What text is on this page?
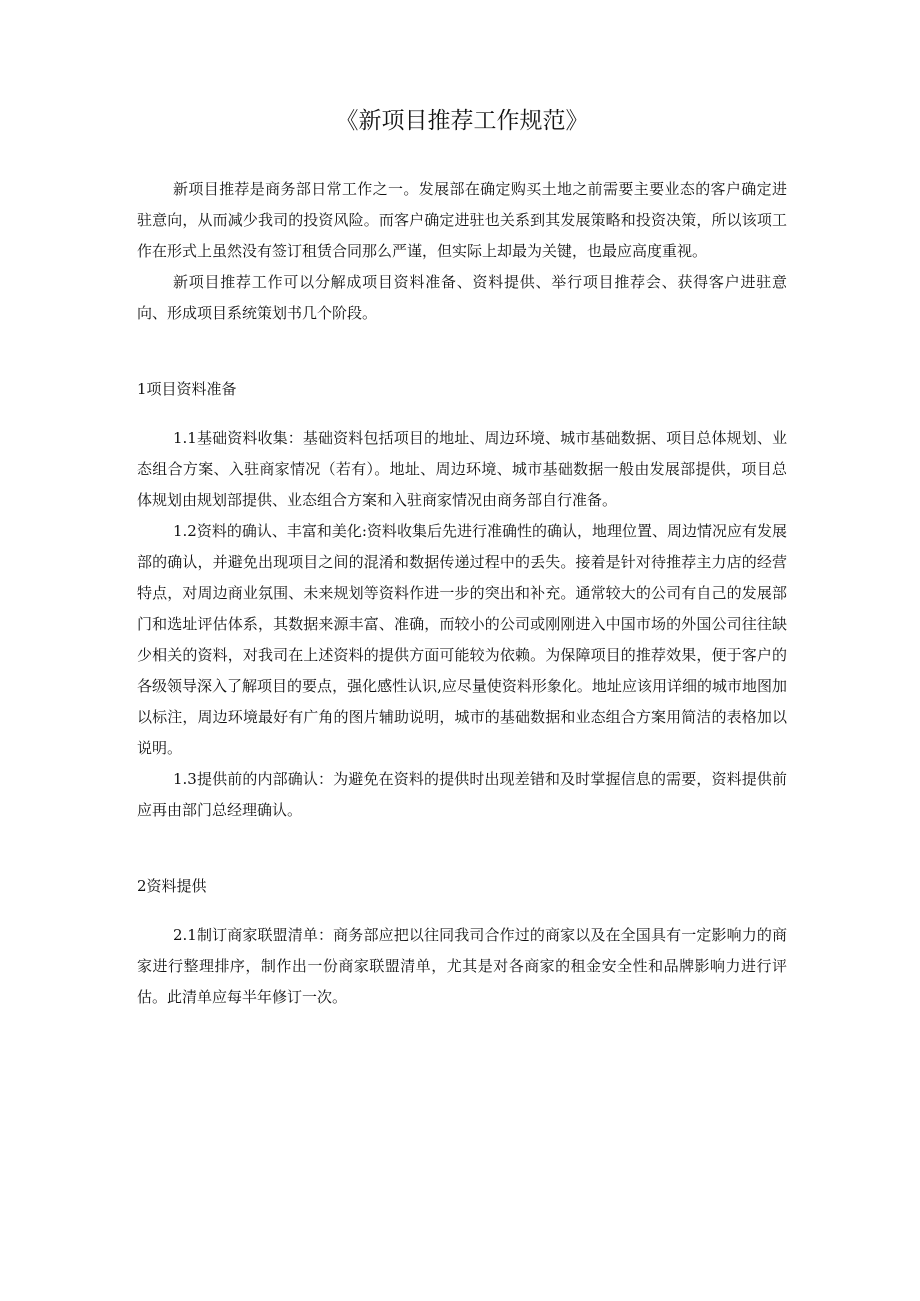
《新项目推荐工作规范》

新项目推荐是商务部日常工作之一。发展部在确定购买土地之前需要主要业态的客户确定进驻意向，从而减少我司的投资风险。而客户确定进驻也关系到其发展策略和投资决策，所以该项工作在形式上虽然没有签订租赁合同那么严谨，但实际上却最为关键，也最应高度重视。

新项目推荐工作可以分解成项目资料准备、资料提供、举行项目推荐会、获得客户进驻意向、形成项目系统策划书几个阶段。

1项目资料准备

1.1基础资料收集：基础资料包括项目的地址、周边环境、城市基础数据、项目总体规划、业态组合方案、入驻商家情况（若有）。地址、周边环境、城市基础数据一般由发展部提供，项目总体规划由规划部提供、业态组合方案和入驻商家情况由商务部自行准备。

1.2资料的确认、丰富和美化:资料收集后先进行准确性的确认，地理位置、周边情况应有发展部的确认，并避免出现项目之间的混淆和数据传递过程中的丢失。接着是针对待推荐主力店的经营特点，对周边商业氛围、未来规划等资料作进一步的突出和补充。通常较大的公司有自己的发展部门和选址评估体系，其数据来源丰富、准确，而较小的公司或刚刚进入中国市场的外国公司往往缺少相关的资料，对我司在上述资料的提供方面可能较为依赖。为保障项目的推荐效果，便于客户的各级领导深入了解项目的要点，强化感性认识,应尽量使资料形象化。地址应该用详细的城市地图加以标注，周边环境最好有广角的图片辅助说明，城市的基础数据和业态组合方案用简洁的表格加以说明。

1.3提供前的内部确认：为避免在资料的提供时出现差错和及时掌握信息的需要，资料提供前应再由部门总经理确认。

2资料提供

2.1制订商家联盟清单：商务部应把以往同我司合作过的商家以及在全国具有一定影响力的商家进行整理排序，制作出一份商家联盟清单，尤其是对各商家的租金安全性和品牌影响力进行评估。此清单应每半年修订一次。
